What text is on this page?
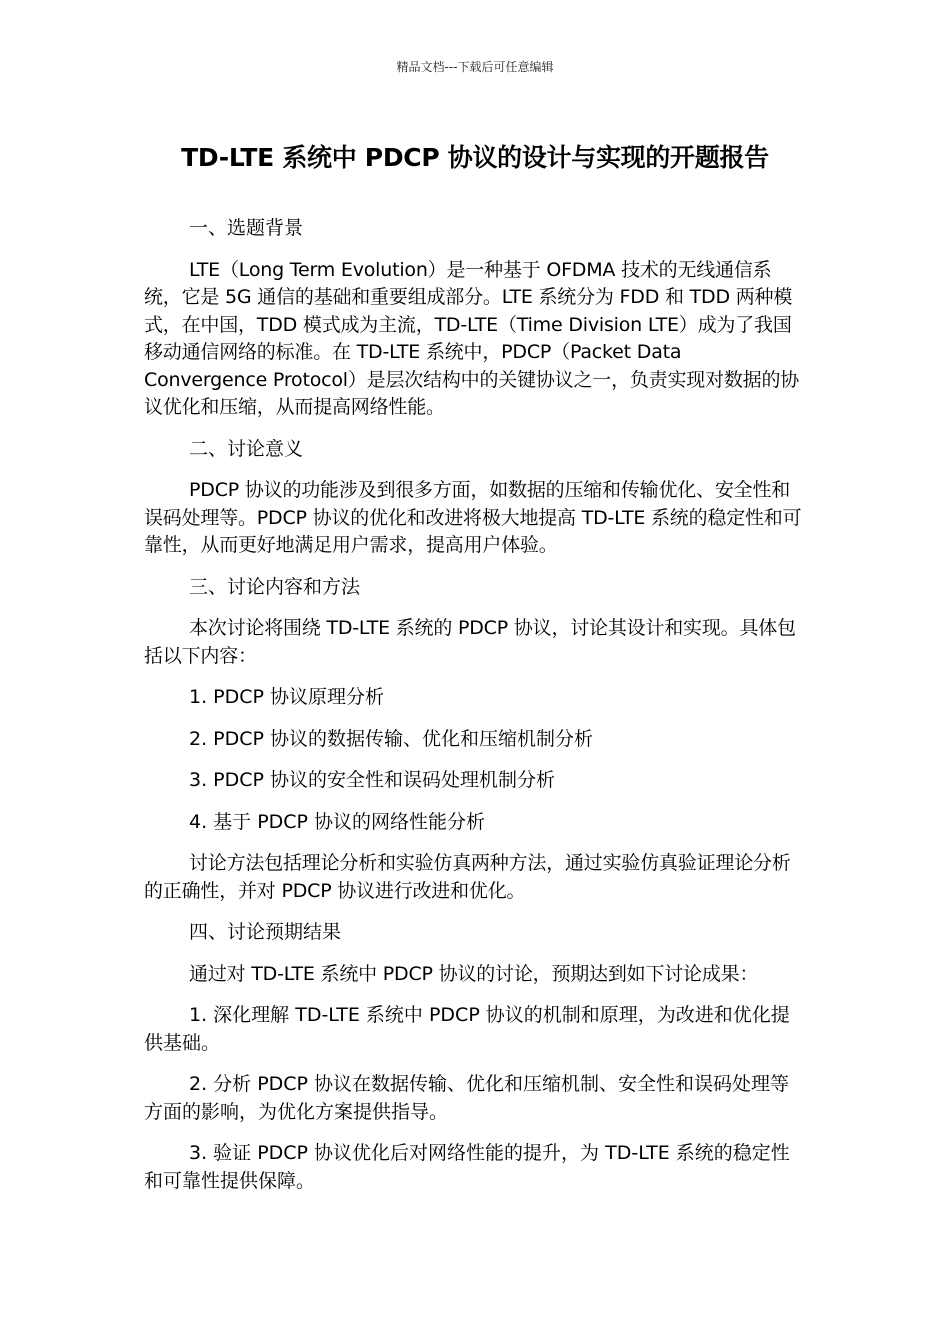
精品文档---下载后可任意编辑
TD-LTE 系统中 PDCP 协议的设计与实现的开题报告
一、选题背景
LTE（Long Term Evolution）是一种基于 OFDMA 技术的无线通信系统，它是 5G 通信的基础和重要组成部分。LTE 系统分为 FDD 和 TDD 两种模式，在中国，TDD 模式成为主流，TD-LTE（Time Division LTE）成为了我国移动通信网络的标准。在 TD-LTE 系统中，PDCP（Packet Data Convergence Protocol）是层次结构中的关键协议之一，负责实现对数据的协议优化和压缩，从而提高网络性能。
二、讨论意义
PDCP 协议的功能涉及到很多方面，如数据的压缩和传输优化、安全性和误码处理等。PDCP 协议的优化和改进将极大地提高 TD-LTE 系统的稳定性和可靠性，从而更好地满足用户需求，提高用户体验。
三、讨论内容和方法
本次讨论将围绕 TD-LTE 系统的 PDCP 协议，讨论其设计和实现。具体包括以下内容：
1. PDCP 协议原理分析
2. PDCP 协议的数据传输、优化和压缩机制分析
3. PDCP 协议的安全性和误码处理机制分析
4. 基于 PDCP 协议的网络性能分析
讨论方法包括理论分析和实验仿真两种方法，通过实验仿真验证理论分析的正确性，并对 PDCP 协议进行改进和优化。
四、讨论预期结果
通过对 TD-LTE 系统中 PDCP 协议的讨论，预期达到如下讨论成果：
1. 深化理解 TD-LTE 系统中 PDCP 协议的机制和原理，为改进和优化提供基础。
2. 分析 PDCP 协议在数据传输、优化和压缩机制、安全性和误码处理等方面的影响，为优化方案提供指导。
3. 验证 PDCP 协议优化后对网络性能的提升，为 TD-LTE 系统的稳定性和可靠性提供保障。
